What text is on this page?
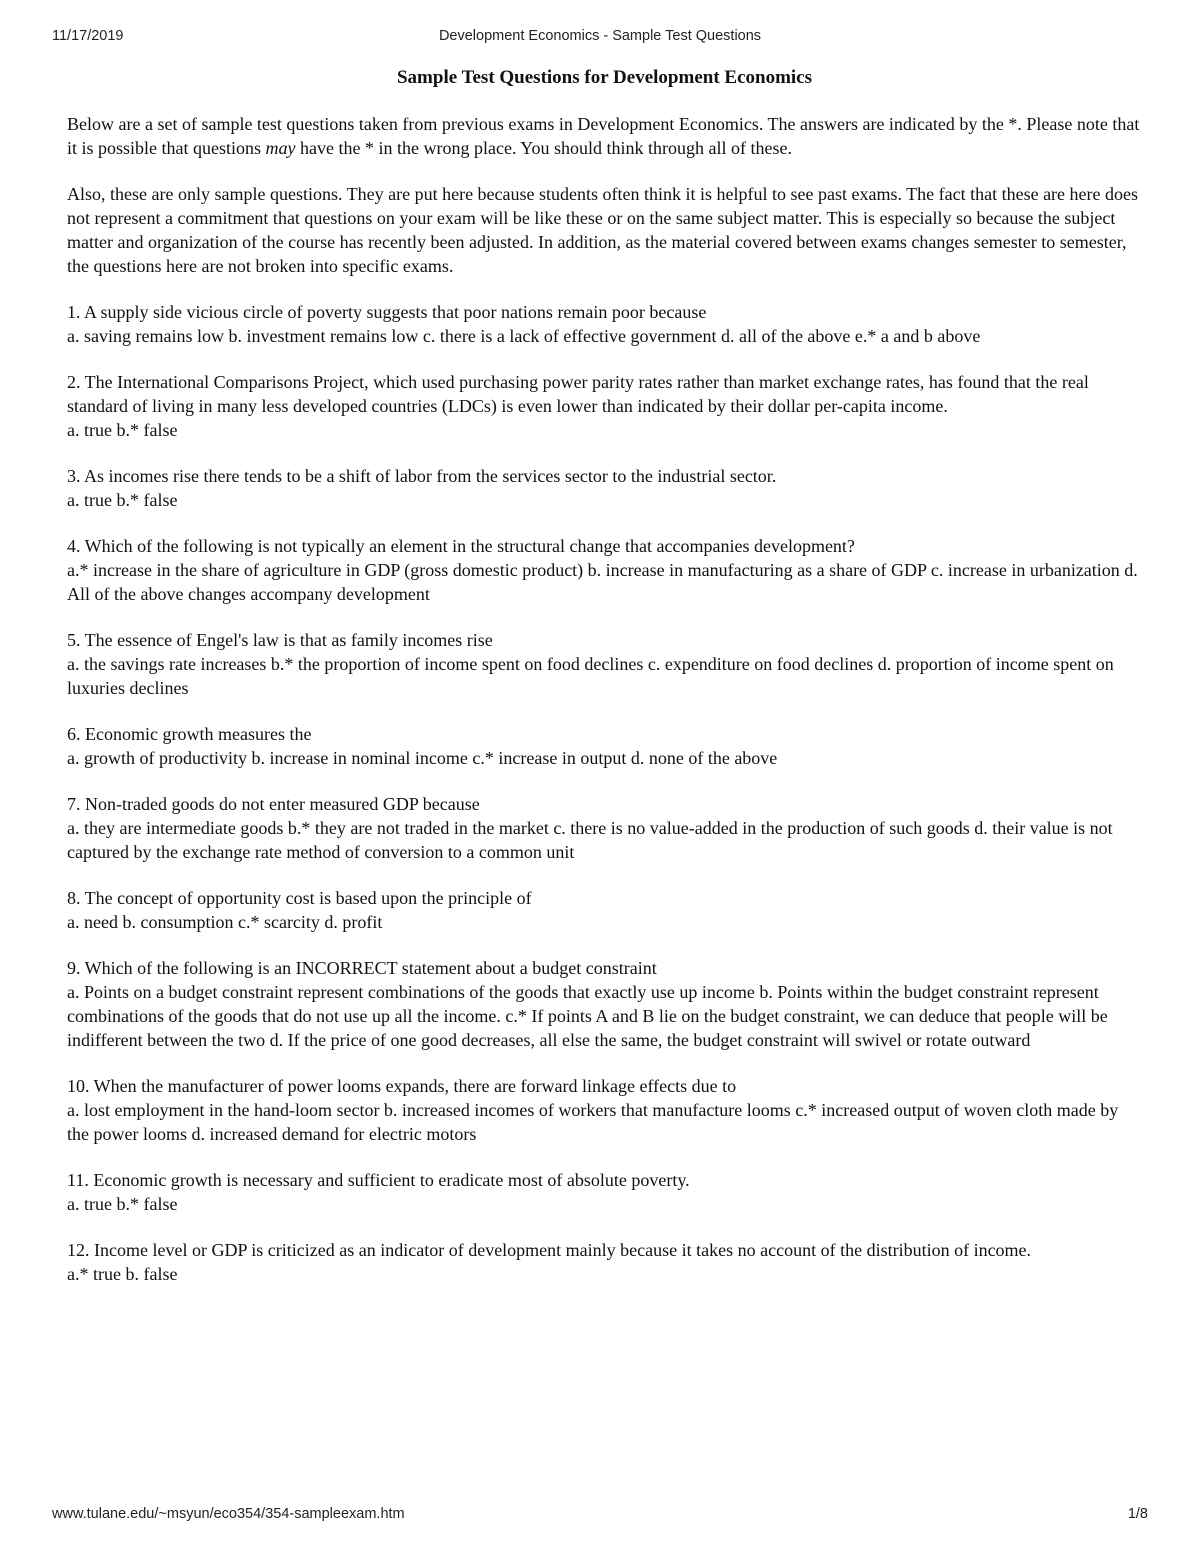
11/17/2019	Development Economics - Sample Test Questions
Sample Test Questions for Development Economics

Below are a set of sample test questions taken from previous exams in Development Economics. The answers are indicated by the *. Please note that it is possible that questions may have the * in the wrong place. You should think through all of these.

Also, these are only sample questions. They are put here because students often think it is helpful to see past exams. The fact that these are here does not represent a commitment that questions on your exam will be like these or on the same subject matter. This is especially so because the subject matter and organization of the course has recently been adjusted. In addition, as the material covered between exams changes semester to semester, the questions here are not broken into specific exams.

1. A supply side vicious circle of poverty suggests that poor nations remain poor because
a. saving remains low b. investment remains low c. there is a lack of effective government d. all of the above e.* a and b above
2. The International Comparisons Project, which used purchasing power parity rates rather than market exchange rates, has found that the real standard of living in many less developed countries (LDCs) is even lower than indicated by their dollar per-capita income.
a. true b.* false
3. As incomes rise there tends to be a shift of labor from the services sector to the industrial sector.
a. true b.* false
4. Which of the following is not typically an element in the structural change that accompanies development?
a.* increase in the share of agriculture in GDP (gross domestic product) b. increase in manufacturing as a share of GDP c. increase in urbanization d. All of the above changes accompany development
5. The essence of Engel's law is that as family incomes rise
a. the savings rate increases b.* the proportion of income spent on food declines c. expenditure on food declines d. proportion of income spent on luxuries declines
6. Economic growth measures the
a. growth of productivity b. increase in nominal income c.* increase in output d. none of the above
7. Non-traded goods do not enter measured GDP because
a. they are intermediate goods b.* they are not traded in the market c. there is no value-added in the production of such goods d. their value is not captured by the exchange rate method of conversion to a common unit
8. The concept of opportunity cost is based upon the principle of
a. need b. consumption c.* scarcity d. profit
9. Which of the following is an INCORRECT statement about a budget constraint
a. Points on a budget constraint represent combinations of the goods that exactly use up income b. Points within the budget constraint represent combinations of the goods that do not use up all the income. c.* If points A and B lie on the budget constraint, we can deduce that people will be indifferent between the two d. If the price of one good decreases, all else the same, the budget constraint will swivel or rotate outward
10. When the manufacturer of power looms expands, there are forward linkage effects due to
a. lost employment in the hand-loom sector b. increased incomes of workers that manufacture looms c.* increased output of woven cloth made by the power looms d. increased demand for electric motors
11. Economic growth is necessary and sufficient to eradicate most of absolute poverty.
a. true b.* false
12. Income level or GDP is criticized as an indicator of development mainly because it takes no account of the distribution of income.
a.* true b. false
www.tulane.edu/~msyun/eco354/354-sampleexam.htm	1/8
